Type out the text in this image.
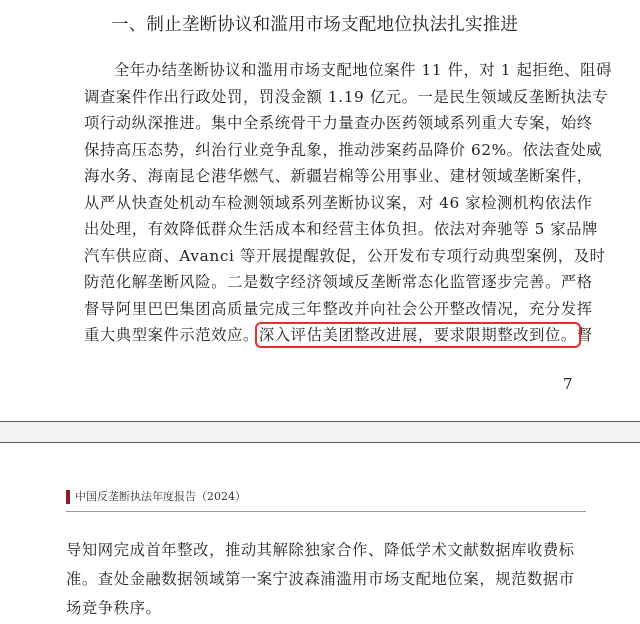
一、制止垄断协议和滥用市场支配地位执法扎实推进

全年办结垄断协议和滥用市场支配地位案件 11 件，对 1 起拒绝、阻碍
调查案件作出行政处罚，罚没金额 1.19 亿元。一是民生领域反垄断执法专
项行动纵深推进。集中全系统骨干力量查办医药领域系列重大专案，始终
保持高压态势，纠治行业竞争乱象，推动涉案药品降价 62%。依法查处威
海水务、海南昆仑港华燃气、新疆岩棉等公用事业、建材领域垄断案件，
从严从快查处机动车检测领域系列垄断协议案，对 46 家检测机构依法作
出处理，有效降低群众生活成本和经营主体负担。依法对奔驰等 5 家品牌
汽车供应商、Avanci 等开展提醒敦促，公开发布专项行动典型案例，及时
防范化解垄断风险。二是数字经济领域反垄断常态化监管逐步完善。严格
督导阿里巴巴集团高质量完成三年整改并向社会公开整改情况，充分发挥
重大典型案件示范效应。深入评估美团整改进展，要求限期整改到位。督

7
中国反垄断执法年度报告（2024）

导知网完成首年整改，推动其解除独家合作、降低学术文献数据库收费标
准。查处金融数据领域第一案宁波森浦滥用市场支配地位案，规范数据市
场竞争秩序。
